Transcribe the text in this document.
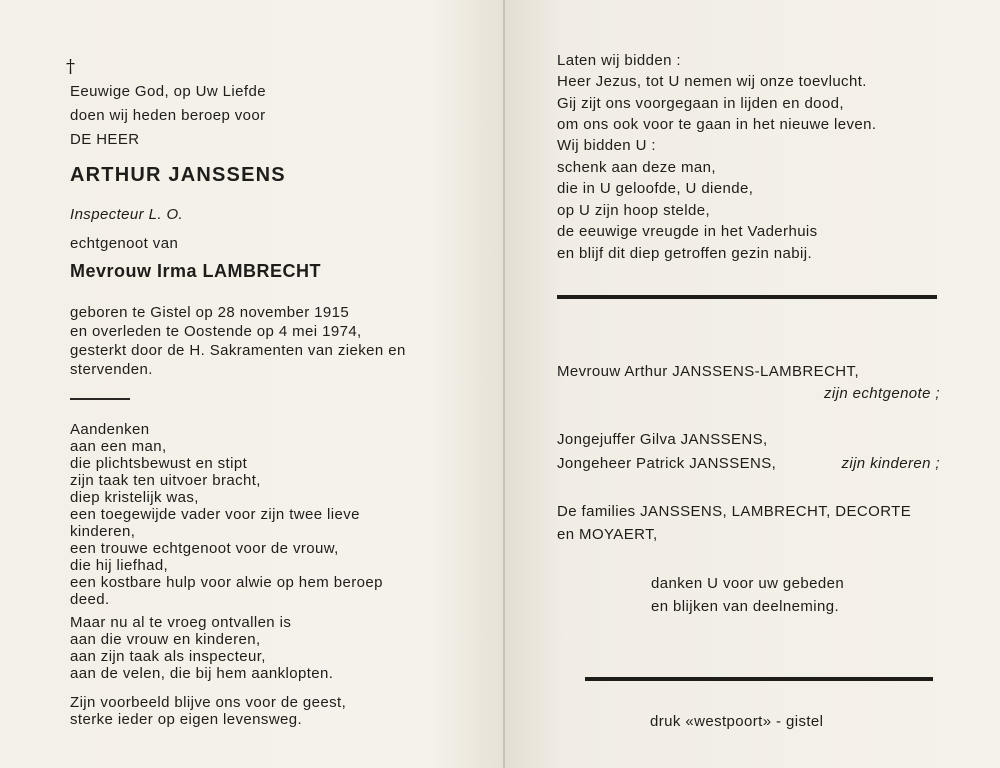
†
Eeuwige God, op Uw Liefde
doen wij heden beroep voor
DE HEER
ARTHUR JANSSENS
Inspecteur L. O.
echtgenoot van
Mevrouw Irma LAMBRECHT
geboren te Gistel op 28 november 1915
en overleden te Oostende op 4 mei 1974,
gesterkt door de H. Sakramenten van zieken en
stervenden.
Aandenken
aan een man,
die plichtsbewust en stipt
zijn taak ten uitvoer bracht,
diep kristelijk was,
een toegewijde vader voor zijn twee lieve
kinderen,
een trouwe echtgenoot voor de vrouw,
die hij liefhad,
een kostbare hulp voor alwie op hem beroep
deed.
Maar nu al te vroeg ontvallen is
aan die vrouw en kinderen,
aan zijn taak als inspecteur,
aan de velen, die bij hem aanklopten.
Zijn voorbeeld blijve ons voor de geest,
sterke ieder op eigen levensweg.
Laten wij bidden :
Heer Jezus, tot U nemen wij onze toevlucht.
Gij zijt ons voorgegaan in lijden en dood,
om ons ook voor te gaan in het nieuwe leven.
Wij bidden U :
schenk aan deze man,
die in U geloofde, U diende,
op U zijn hoop stelde,
de eeuwige vreugde in het Vaderhuis
en blijf dit diep getroffen gezin nabij.
Mevrouw Arthur JANSSENS-LAMBRECHT,
zijn echtgenote ;
Jongejuffer Gilva JANSSENS,
Jongeheer Patrick JANSSENS,	zijn kinderen ;
De families JANSSENS, LAMBRECHT, DECORTE
en MOYAERT,
danken U voor uw gebeden
en blijken van deelneming.
druk «westpoort» - gistel
